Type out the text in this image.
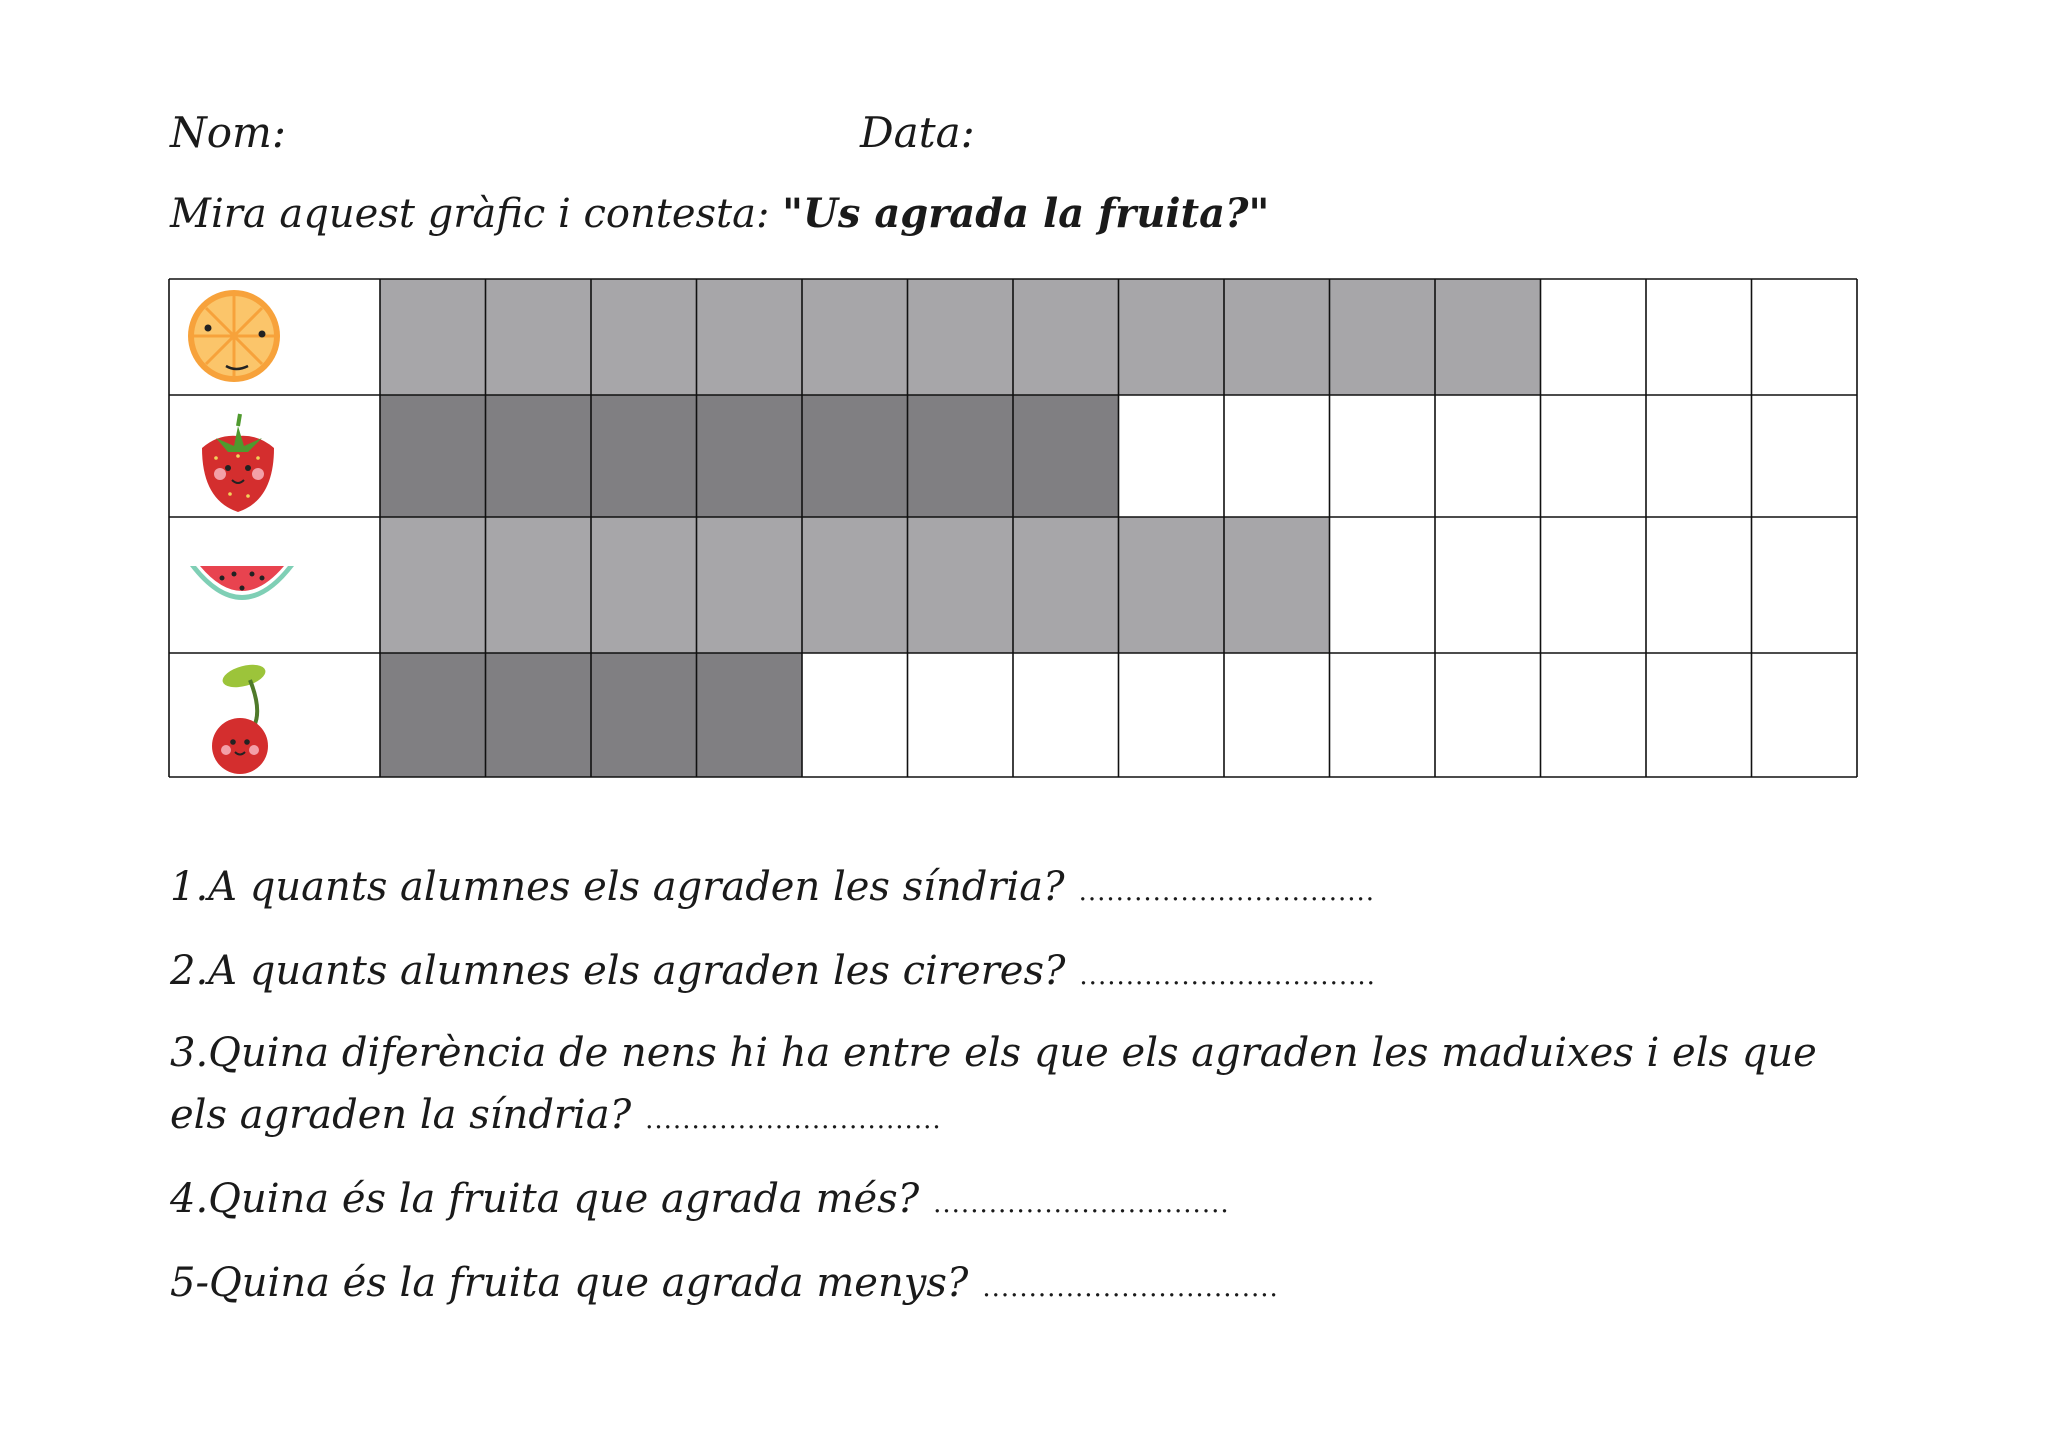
Nom:	Data:
Mira aquest gràfic i contesta: "Us agrada la fruita?"
1.A quants alumnes els agraden les síndria? ................................
2.A quants alumnes els agraden les cireres? ................................
3.Quina diferència de nens hi ha entre els que els agraden les maduixes i els que els agraden la síndria? ................................
4.Quina és la fruita que agrada més? ................................
5-Quina és la fruita que agrada menys? ................................
